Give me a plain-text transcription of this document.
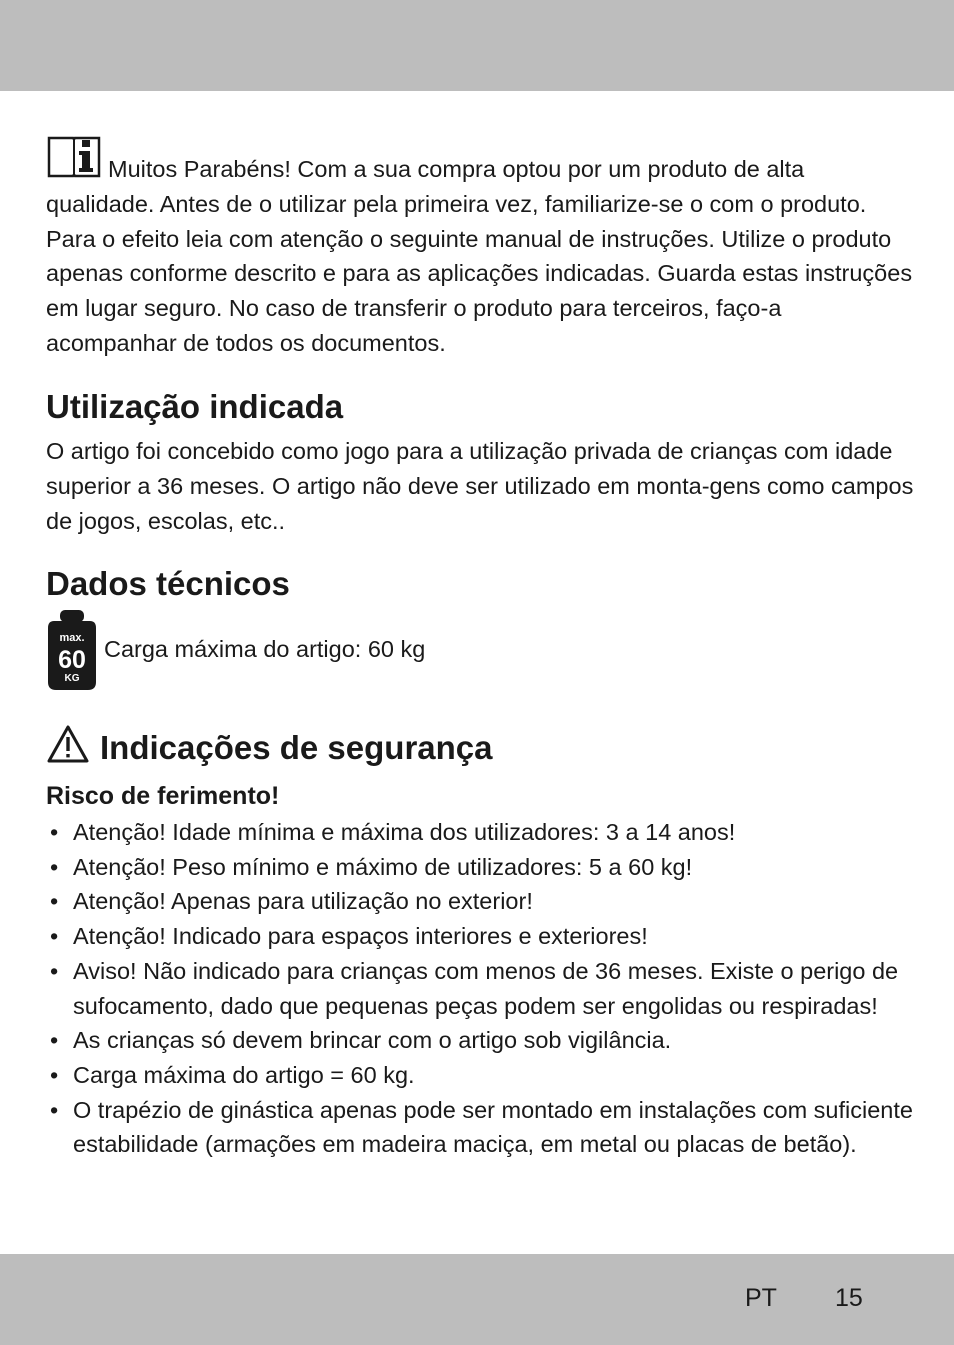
Muitos Parabéns! Com a sua compra optou por um produto de alta qualidade. Antes de o utilizar pela primeira vez, familiarize-se o com o produto. Para o efeito leia com atenção o seguinte manual de instruções. Utilize o produto apenas conforme descrito e para as aplicações indicadas. Guarda estas instruções em lugar seguro. No caso de transferir o produto para terceiros, faço-a acompanhar de todos os documentos.

Utilização indicada

O artigo foi concebido como jogo para a utilização privada de crianças com idade superior a 36 meses. O artigo não deve ser utilizado em monta-gens como campos de jogos, escolas, etc..

Dados técnicos
max.
60
KG
Carga máxima do artigo: 60 kg
Indicações de segurança

Risco de ferimento!

• Atenção! Idade mínima e máxima dos utilizadores: 3 a 14 anos!
• Atenção! Peso mínimo e máximo de utilizadores: 5 a 60 kg!
• Atenção! Apenas para utilização no exterior!
• Atenção! Indicado para espaços interiores e exteriores!
• Aviso! Não indicado para crianças com menos de 36 meses. Existe o perigo de sufocamento, dado que pequenas peças podem ser engolidas ou respiradas!
• As crianças só devem brincar com o artigo sob vigilância.
• Carga máxima do artigo = 60 kg.
• O trapézio de ginástica apenas pode ser montado em instalações com suficiente estabilidade (armações em madeira maciça, em metal ou placas de betão).
PT 15
